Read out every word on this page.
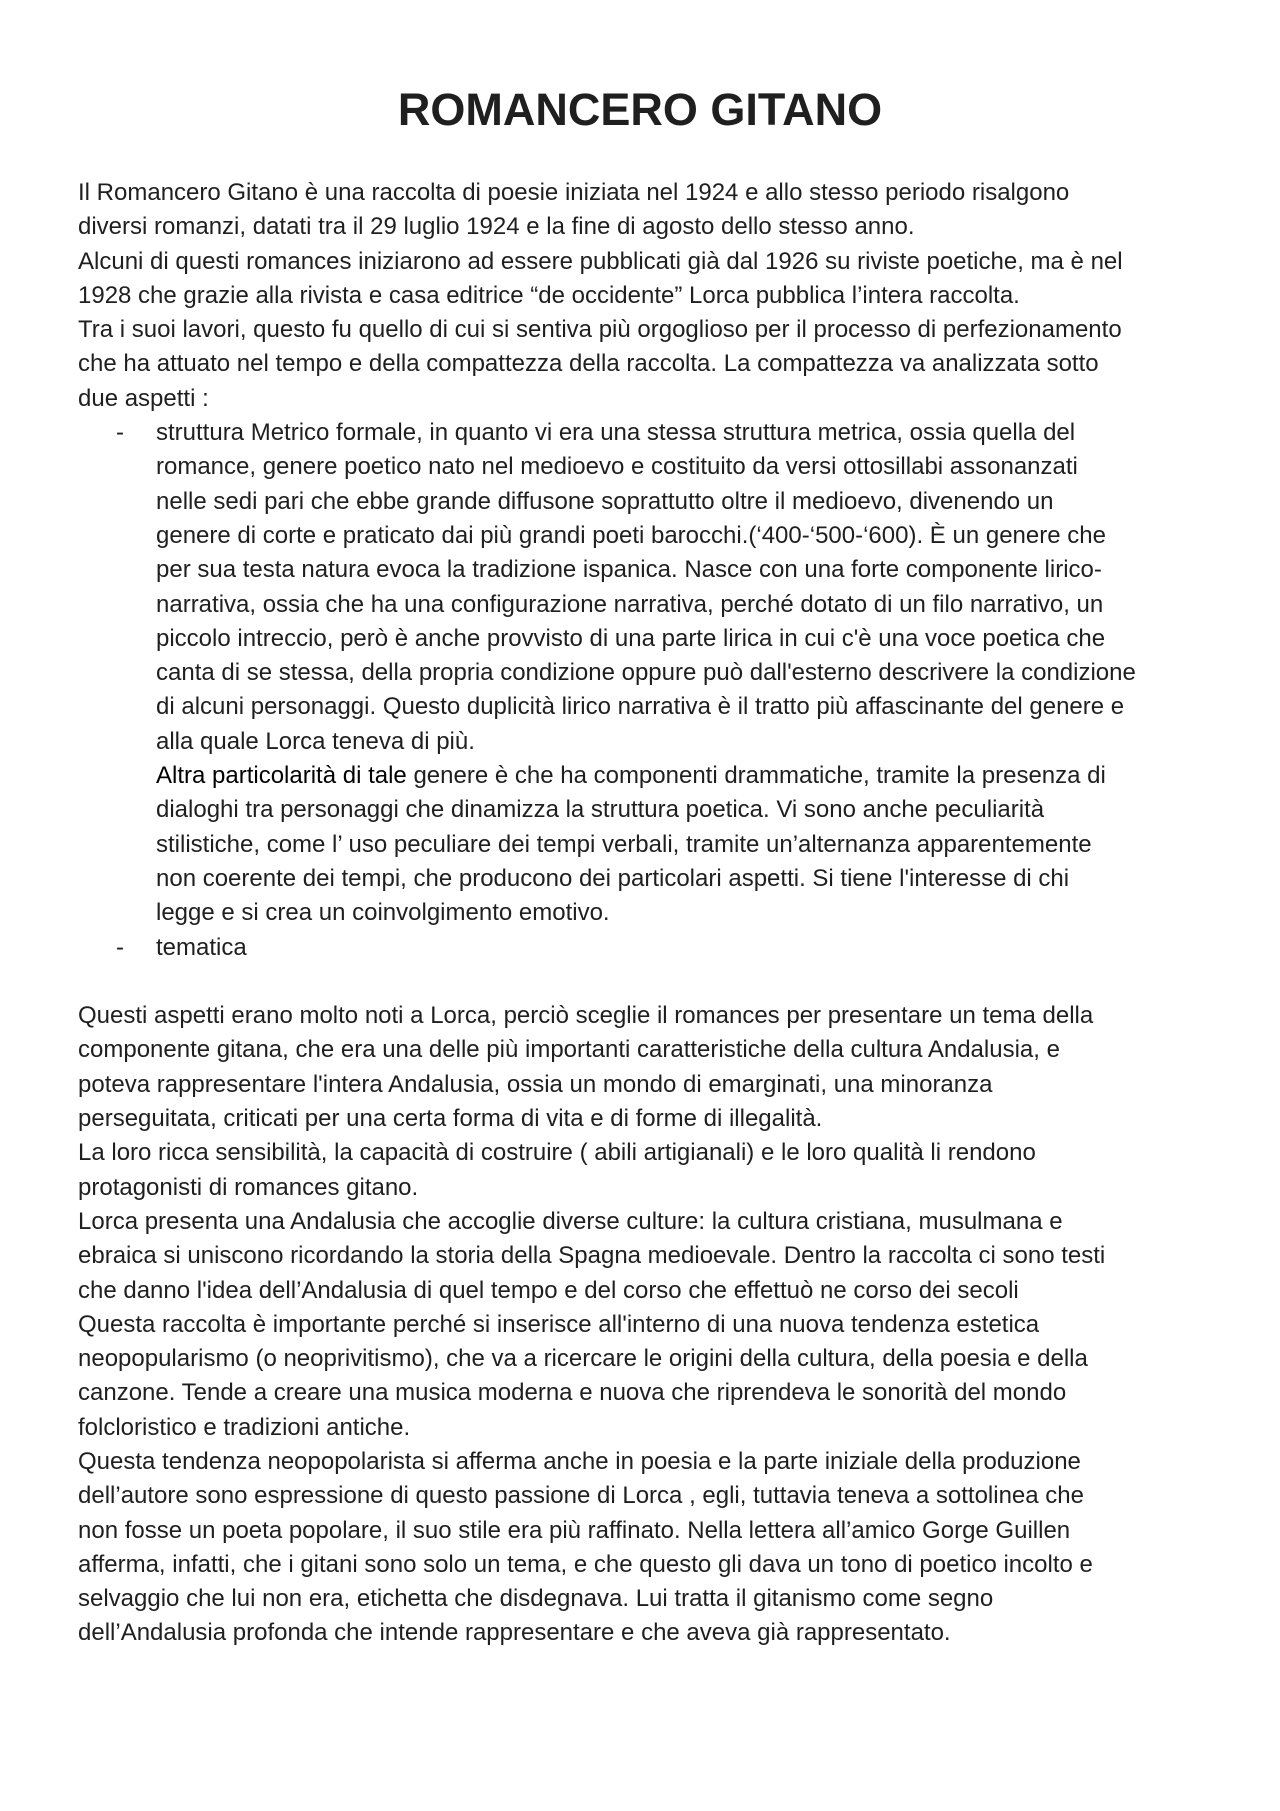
ROMANCERO GITANO

Il Romancero Gitano è una raccolta di poesie iniziata nel 1924 e allo stesso periodo risalgono
diversi romanzi, datati tra il 29 luglio 1924 e la fine di agosto dello stesso anno.
Alcuni di questi romances iniziarono ad essere pubblicati già dal 1926 su riviste poetiche, ma è nel
1928 che grazie alla rivista e casa editrice “de occidente” Lorca pubblica l’intera raccolta.
Tra i suoi lavori, questo fu quello di cui si sentiva più orgoglioso per il processo di perfezionamento
che ha attuato nel tempo e della compattezza della raccolta. La compattezza va analizzata sotto
due aspetti :

- struttura Metrico formale, in quanto vi era una stessa struttura metrica, ossia quella del
romance, genere poetico nato nel medioevo e costituito da versi ottosillabi assonanzati
nelle sedi pari che ebbe grande diffusone soprattutto oltre il medioevo, divenendo un
genere di corte e praticato dai più grandi poeti barocchi.(‘400-‘500-‘600). È un genere che
per sua testa natura evoca la tradizione ispanica. Nasce con una forte componente lirico-
narrativa, ossia che ha una configurazione narrativa, perché dotato di un filo narrativo, un
piccolo intreccio, però è anche provvisto di una parte lirica in cui c'è una voce poetica che
canta di se stessa, della propria condizione oppure può dall'esterno descrivere la condizione
di alcuni personaggi. Questo duplicità lirico narrativa è il tratto più affascinante del genere e
alla quale Lorca teneva di più.
Altra particolarità di tale genere è che ha componenti drammatiche, tramite la presenza di
dialoghi tra personaggi che dinamizza la struttura poetica. Vi sono anche peculiarità
stilistiche, come l’ uso peculiare dei tempi verbali, tramite un’alternanza apparentemente
non coerente dei tempi, che producono dei particolari aspetti. Si tiene l'interesse di chi
legge e si crea un coinvolgimento emotivo.
- tematica

Questi aspetti erano molto noti a Lorca, perciò sceglie il romances per presentare un tema della
componente gitana, che era una delle più importanti caratteristiche della cultura Andalusia, e
poteva rappresentare l'intera Andalusia, ossia un mondo di emarginati, una minoranza
perseguitata, criticati per una certa forma di vita e di forme di illegalità.
La loro ricca sensibilità, la capacità di costruire ( abili artigianali) e le loro qualità li rendono
protagonisti di romances gitano.
Lorca presenta una Andalusia che accoglie diverse culture: la cultura cristiana, musulmana e
ebraica si uniscono ricordando la storia della Spagna medioevale. Dentro la raccolta ci sono testi
che danno l'idea dell’Andalusia di quel tempo e del corso che effettuò ne corso dei secoli
Questa raccolta è importante perché si inserisce all'interno di una nuova tendenza estetica
neopopularismo (o neoprivitismo), che va a ricercare le origini della cultura, della poesia e della
canzone. Tende a creare una musica moderna e nuova che riprendeva le sonorità del mondo
folcloristico e tradizioni antiche.
Questa tendenza neopopolarista si afferma anche in poesia e la parte iniziale della produzione
dell’autore sono espressione di questo passione di Lorca , egli, tuttavia teneva a sottolinea che
non fosse un poeta popolare, il suo stile era più raffinato. Nella lettera all’amico Gorge Guillen
afferma, infatti, che i gitani sono solo un tema, e che questo gli dava un tono di poetico incolto e
selvaggio che lui non era, etichetta che disdegnava. Lui tratta il gitanismo come segno
dell’Andalusia profonda che intende rappresentare e che aveva già rappresentato.
